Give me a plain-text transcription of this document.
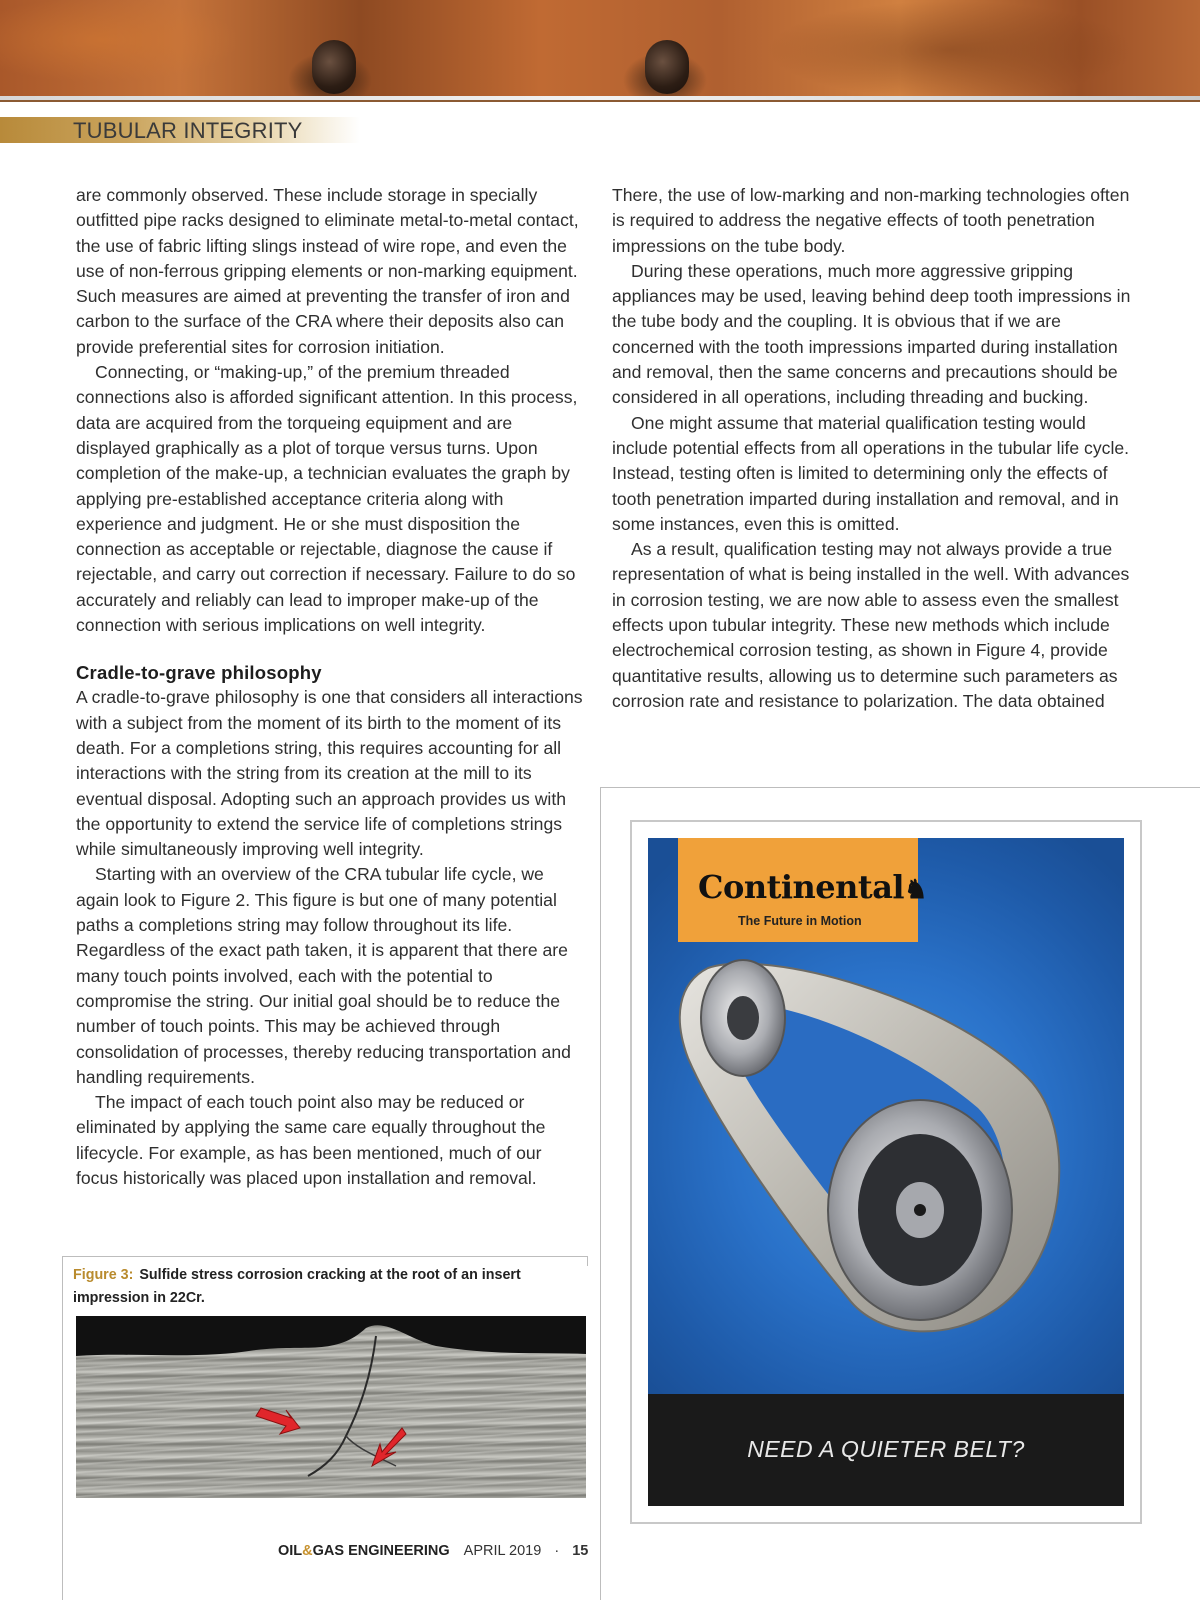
TUBULAR INTEGRITY

are commonly observed. These include storage in specially outfitted pipe racks designed to eliminate metal-to-metal contact, the use of fabric lifting slings instead of wire rope, and even the use of non-ferrous gripping elements or non-marking equipment. Such measures are aimed at preventing the transfer of iron and carbon to the surface of the CRA where their deposits also can provide preferential sites for corrosion initiation.

Connecting, or “making-up,” of the premium threaded connections also is afforded significant attention. In this process, data are acquired from the torqueing equipment and are displayed graphically as a plot of torque versus turns. Upon completion of the make-up, a technician evaluates the graph by applying pre-established acceptance criteria along with experience and judgment. He or she must disposition the connection as acceptable or rejectable, diagnose the cause if rejectable, and carry out correction if necessary. Failure to do so accurately and reliably can lead to improper make-up of the connection with serious implications on well integrity.

Cradle-to-grave philosophy

A cradle-to-grave philosophy is one that considers all interactions with a subject from the moment of its birth to the moment of its death. For a completions string, this requires accounting for all interactions with the string from its creation at the mill to its eventual disposal. Adopting such an approach provides us with the opportunity to extend the service life of completions strings while simultaneously improving well integrity.

Starting with an overview of the CRA tubular life cycle, we again look to Figure 2. This figure is but one of many potential paths a completions string may follow throughout its life. Regardless of the exact path taken, it is apparent that there are many touch points involved, each with the potential to compromise the string. Our initial goal should be to reduce the number of touch points. This may be achieved through consolidation of processes, thereby reducing transportation and handling requirements.

The impact of each touch point also may be reduced or eliminated by applying the same care equally throughout the lifecycle. For example, as has been mentioned, much of our focus historically was placed upon installation and removal.

There, the use of low-marking and non-marking technologies often is required to address the negative effects of tooth penetration impressions on the tube body.

During these operations, much more aggressive gripping appliances may be used, leaving behind deep tooth impressions in the tube body and the coupling. It is obvious that if we are concerned with the tooth impressions imparted during installation and removal, then the same concerns and precautions should be considered in all operations, including threading and bucking.

One might assume that material qualification testing would include potential effects from all operations in the tubular life cycle. Instead, testing often is limited to determining only the effects of tooth penetration imparted during installation and removal, and in some instances, even this is omitted.

As a result, qualification testing may not always provide a true representation of what is being installed in the well. With advances in corrosion testing, we are now able to assess even the smallest effects upon tubular integrity. These new methods which include electrochemical corrosion testing, as shown in Figure 4, provide quantitative results, allowing us to determine such parameters as corrosion rate and resistance to polarization. The data obtained

Figure 3: Sulfide stress corrosion cracking at the root of an insert impression in 22Cr.
Continental♞
The Future in Motion
NEED A QUIETER BELT?
OIL&GAS ENGINEERING APRIL 2019 · 15
